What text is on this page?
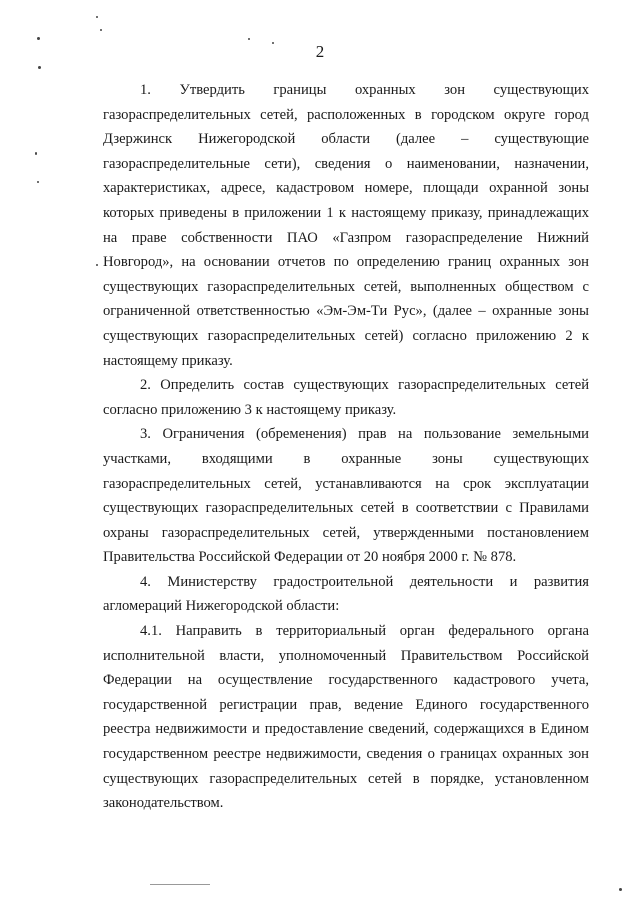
2

1. Утвердить границы охранных зон существующих газораспределительных сетей, расположенных в городском округе город Дзержинск Нижегородской области (далее – существующие газораспределительные сети), сведения о наименовании, назначении, характеристиках, адресе, кадастровом номере, площади охранной зоны которых приведены в приложении 1 к настоящему приказу, принадлежащих на праве собственности ПАО «Газпром газораспределение Нижний Новгород», на основании отчетов по определению границ охранных зон существующих газораспределительных сетей, выполненных обществом с ограниченной ответственностью «Эм-Эм-Ти Рус», (далее – охранные зоны существующих газораспределительных сетей) согласно приложению 2 к настоящему приказу.

2. Определить состав существующих газораспределительных сетей согласно приложению 3 к настоящему приказу.

3. Ограничения (обременения) прав на пользование земельными участками, входящими в охранные зоны существующих газораспределительных сетей, устанавливаются на срок эксплуатации существующих газораспределительных сетей в соответствии с Правилами охраны газораспределительных сетей, утвержденными постановлением Правительства Российской Федерации от 20 ноября 2000 г. № 878.

4. Министерству градостроительной деятельности и развития агломераций Нижегородской области:

4.1. Направить в территориальный орган федерального органа исполнительной власти, уполномоченный Правительством Российской Федерации на осуществление государственного кадастрового учета, государственной регистрации прав, ведение Единого государственного реестра недвижимости и предоставление сведений, содержащихся в Едином государственном реестре недвижимости, сведения о границах охранных зон существующих газораспределительных сетей в порядке, установленном законодательством.
